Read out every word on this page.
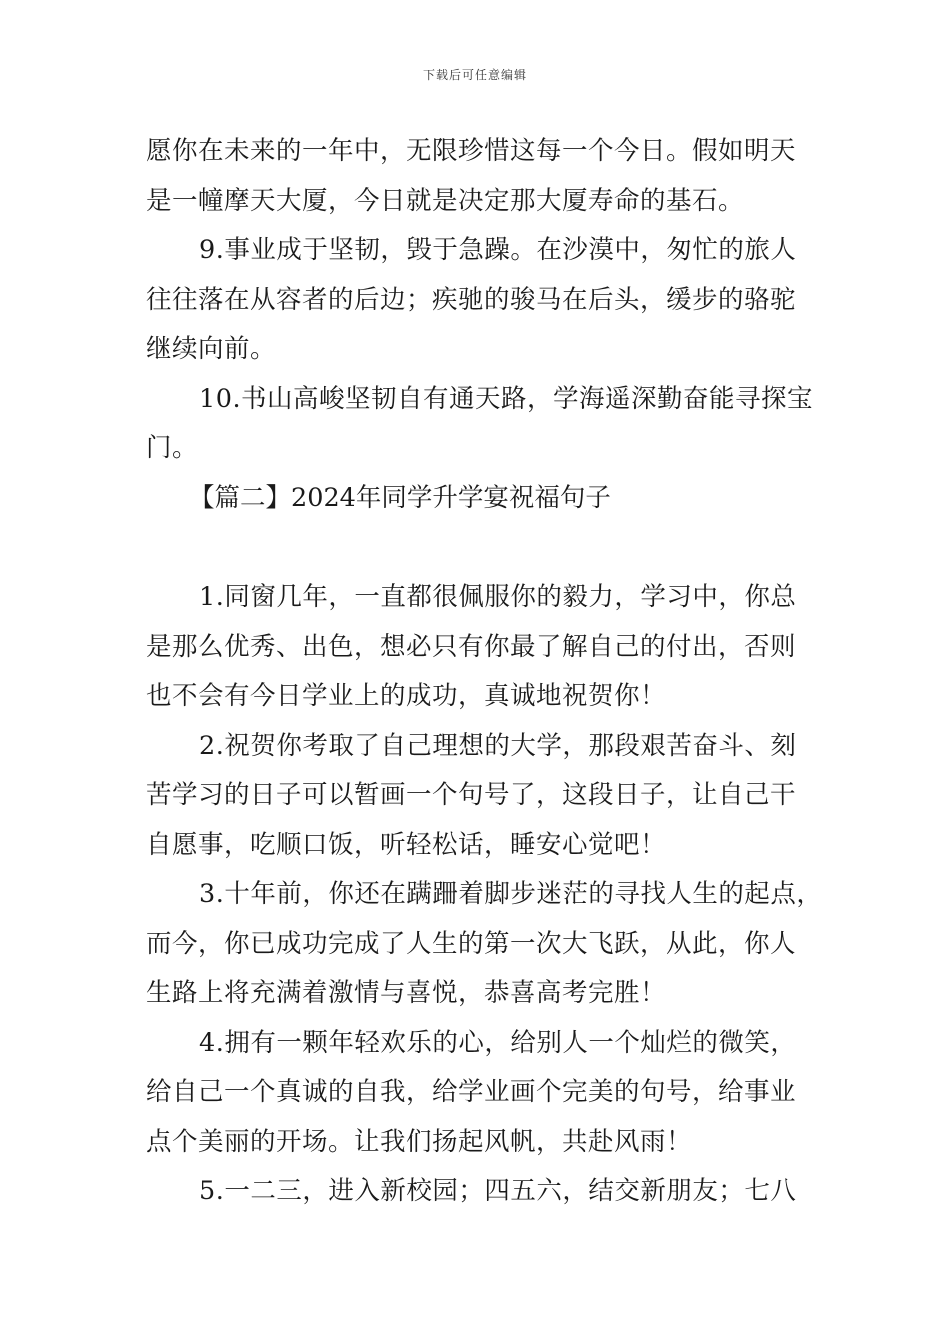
下载后可任意编辑
愿你在未来的一年中，无限珍惜这每一个今日。假如明天
是一幢摩天大厦，今日就是决定那大厦寿命的基石。
9.事业成于坚韧，毁于急躁。在沙漠中，匆忙的旅人
往往落在从容者的后边；疾驰的骏马在后头，缓步的骆驼
继续向前。
10.书山高峻坚韧自有通天路，学海遥深勤奋能寻探宝
门。
【篇二】2024年同学升学宴祝福句子
1.同窗几年，一直都很佩服你的毅力，学习中，你总
是那么优秀、出色，想必只有你最了解自己的付出，否则
也不会有今日学业上的成功，真诚地祝贺你！
2.祝贺你考取了自己理想的大学，那段艰苦奋斗、刻
苦学习的日子可以暂画一个句号了，这段日子，让自己干
自愿事，吃顺口饭，听轻松话，睡安心觉吧！
3.十年前，你还在蹒跚着脚步迷茫的寻找人生的起点，
而今，你已成功完成了人生的第一次大飞跃，从此，你人
生路上将充满着激情与喜悦，恭喜高考完胜！
4.拥有一颗年轻欢乐的心，给别人一个灿烂的微笑，
给自己一个真诚的自我，给学业画个完美的句号，给事业
点个美丽的开场。让我们扬起风帆，共赴风雨！
5.一二三，进入新校园；四五六，结交新朋友；七八
